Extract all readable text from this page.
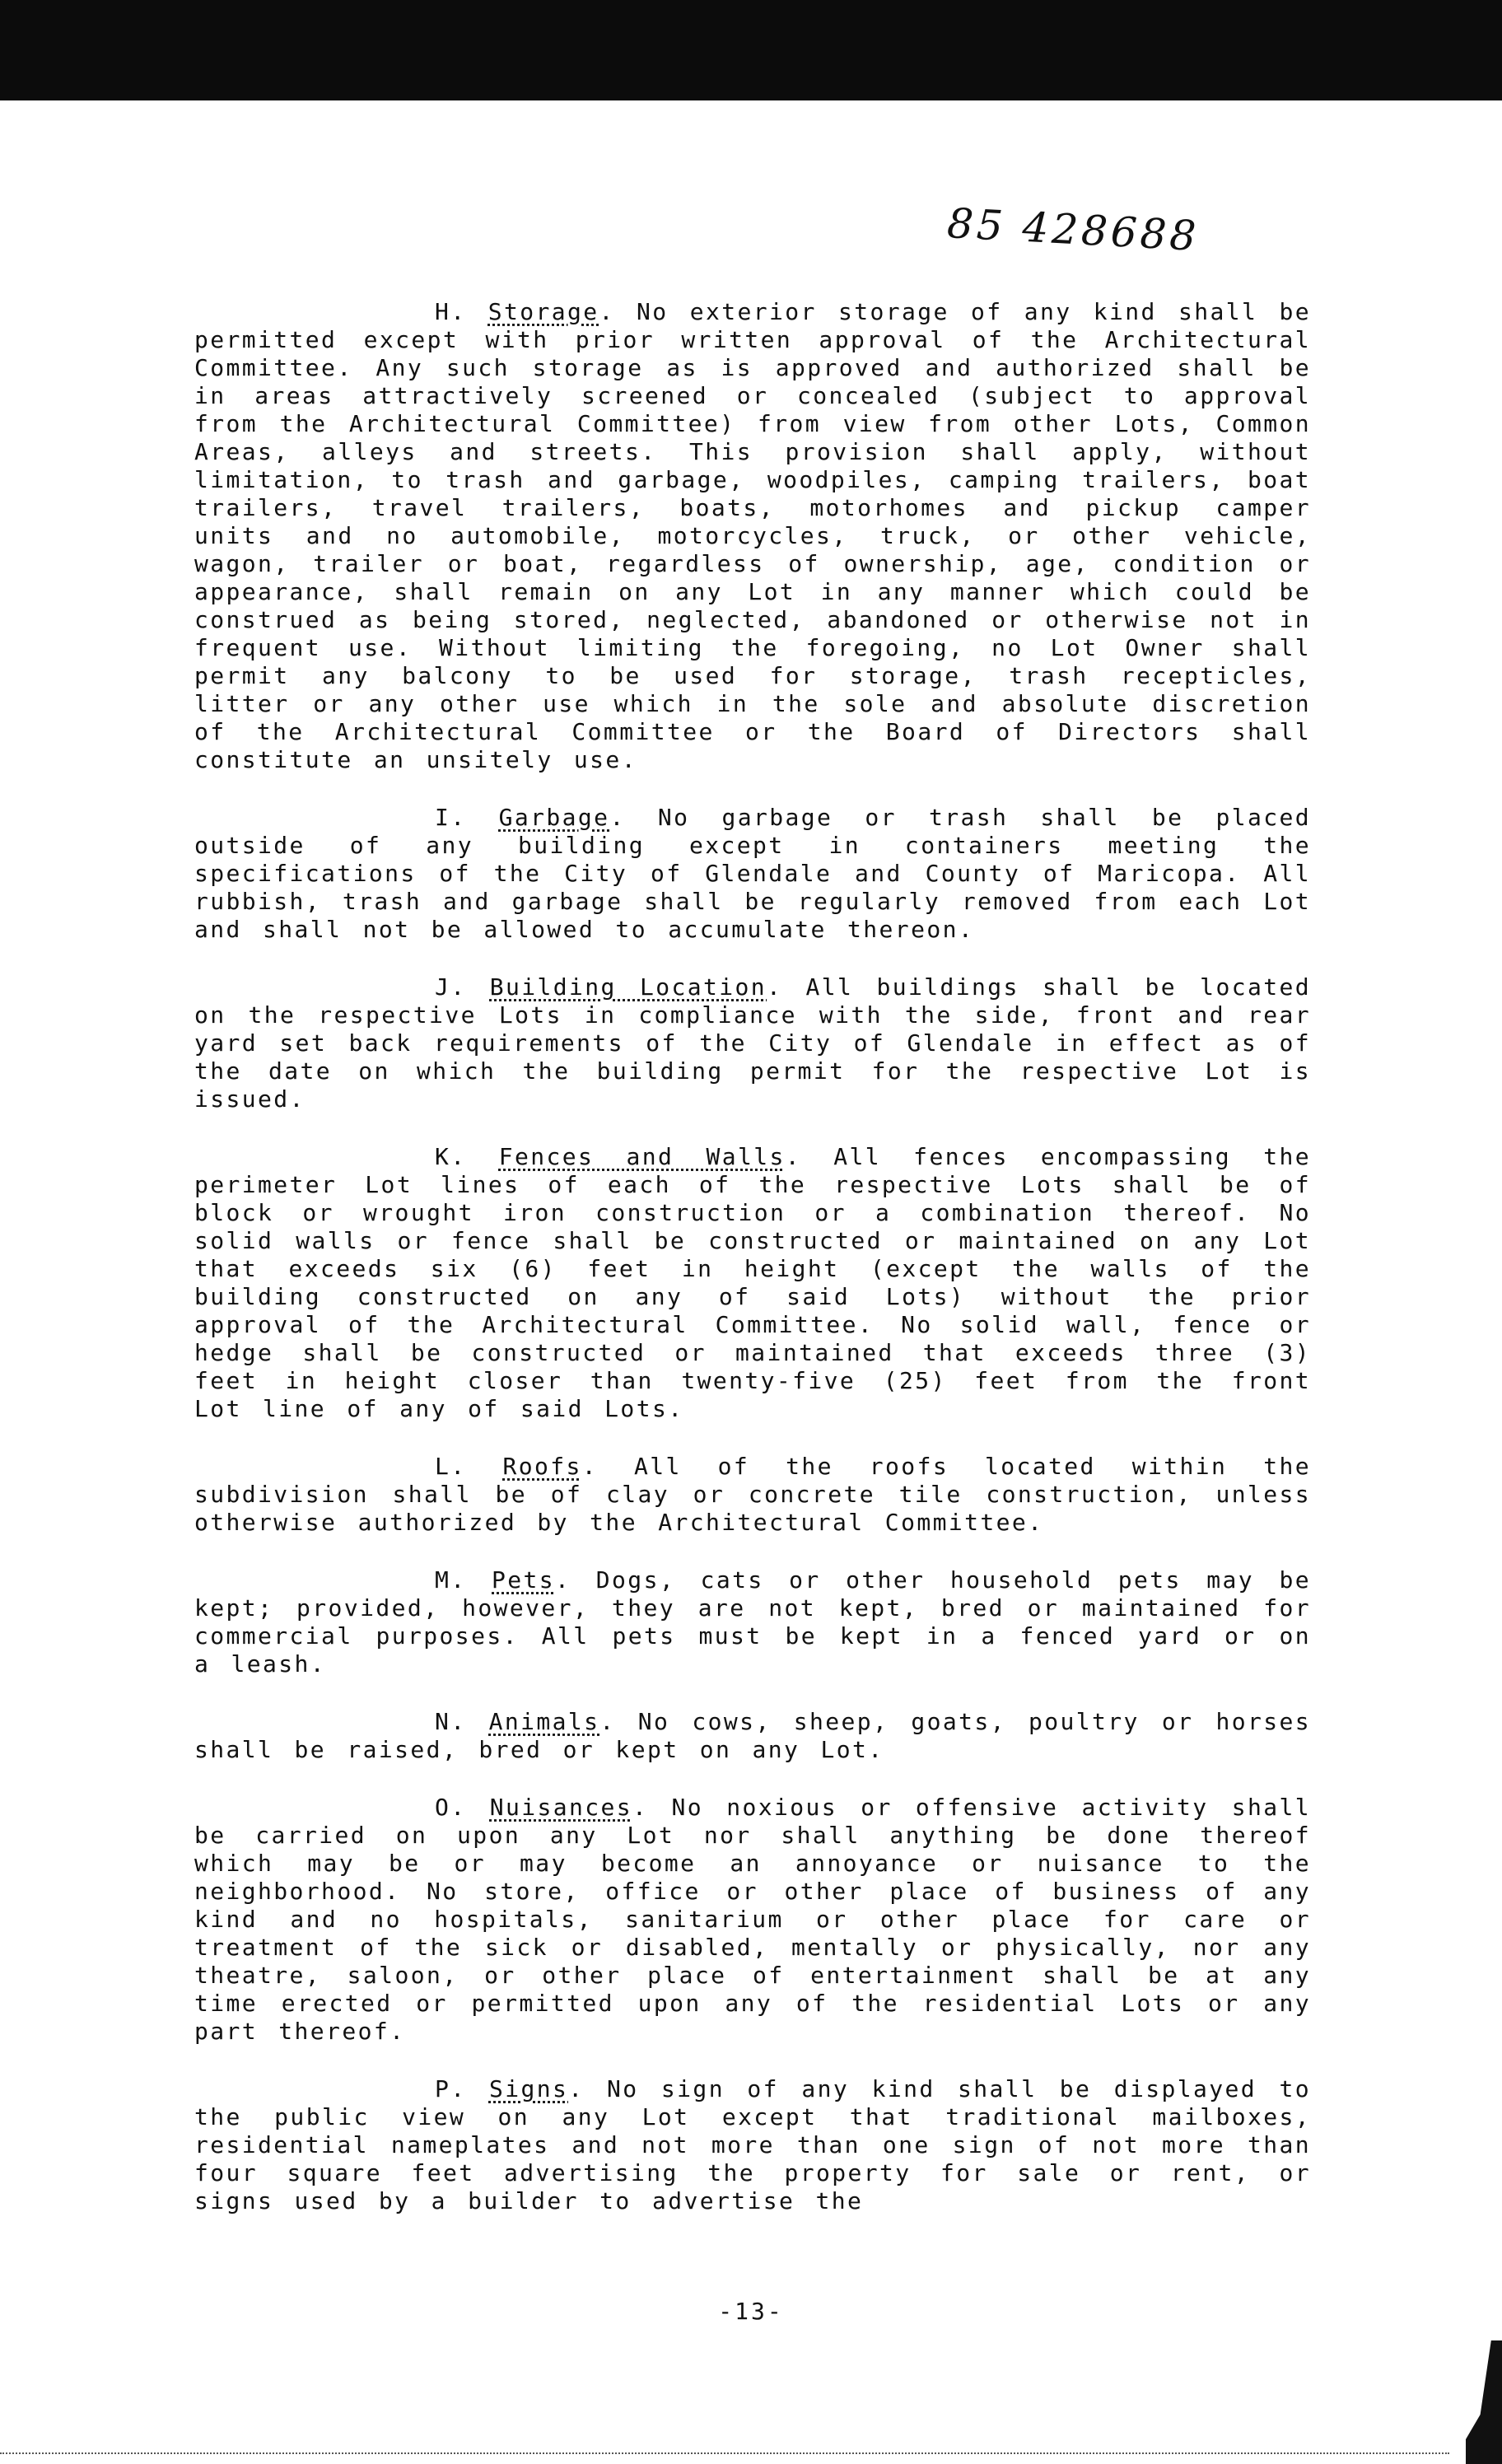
85 428688

H. Storage. No exterior storage of any kind shall be permitted except with prior written approval of the Architectural Committee. Any such storage as is approved and authorized shall be in areas attractively screened or concealed (subject to approval from the Architectural Committee) from view from other Lots, Common Areas, alleys and streets. This provision shall apply, without limitation, to trash and garbage, woodpiles, camping trailers, boat trailers, travel trailers, boats, motorhomes and pickup camper units and no automobile, motorcycles, truck, or other vehicle, wagon, trailer or boat, regardless of ownership, age, condition or appearance, shall remain on any Lot in any manner which could be construed as being stored, neglected, abandoned or otherwise not in frequent use. Without limiting the foregoing, no Lot Owner shall permit any balcony to be used for storage, trash recepticles, litter or any other use which in the sole and absolute discretion of the Architectural Committee or the Board of Directors shall constitute an unsitely use.

I. Garbage. No garbage or trash shall be placed outside of any building except in containers meeting the specifications of the City of Glendale and County of Maricopa. All rubbish, trash and garbage shall be regularly removed from each Lot and shall not be allowed to accumulate thereon.

J. Building Location. All buildings shall be located on the respective Lots in compliance with the side, front and rear yard set back requirements of the City of Glendale in effect as of the date on which the building permit for the respective Lot is issued.

K. Fences and Walls. All fences encompassing the perimeter Lot lines of each of the respective Lots shall be of block or wrought iron construction or a combination thereof. No solid walls or fence shall be constructed or maintained on any Lot that exceeds six (6) feet in height (except the walls of the building constructed on any of said Lots) without the prior approval of the Architectural Committee. No solid wall, fence or hedge shall be constructed or maintained that exceeds three (3) feet in height closer than twenty-five (25) feet from the front Lot line of any of said Lots.

L. Roofs. All of the roofs located within the subdivision shall be of clay or concrete tile construction, unless otherwise authorized by the Architectural Committee.

M. Pets. Dogs, cats or other household pets may be kept; provided, however, they are not kept, bred or maintained for commercial purposes. All pets must be kept in a fenced yard or on a leash.

N. Animals. No cows, sheep, goats, poultry or horses shall be raised, bred or kept on any Lot.

O. Nuisances. No noxious or offensive activity shall be carried on upon any Lot nor shall anything be done thereof which may be or may become an annoyance or nuisance to the neighborhood. No store, office or other place of business of any kind and no hospitals, sanitarium or other place for care or treatment of the sick or disabled, mentally or physically, nor any theatre, saloon, or other place of entertainment shall be at any time erected or permitted upon any of the residential Lots or any part thereof.

P. Signs. No sign of any kind shall be displayed to the public view on any Lot except that traditional mailboxes, residential nameplates and not more than one sign of not more than four square feet advertising the property for sale or rent, or signs used by a builder to advertise the

-13-
